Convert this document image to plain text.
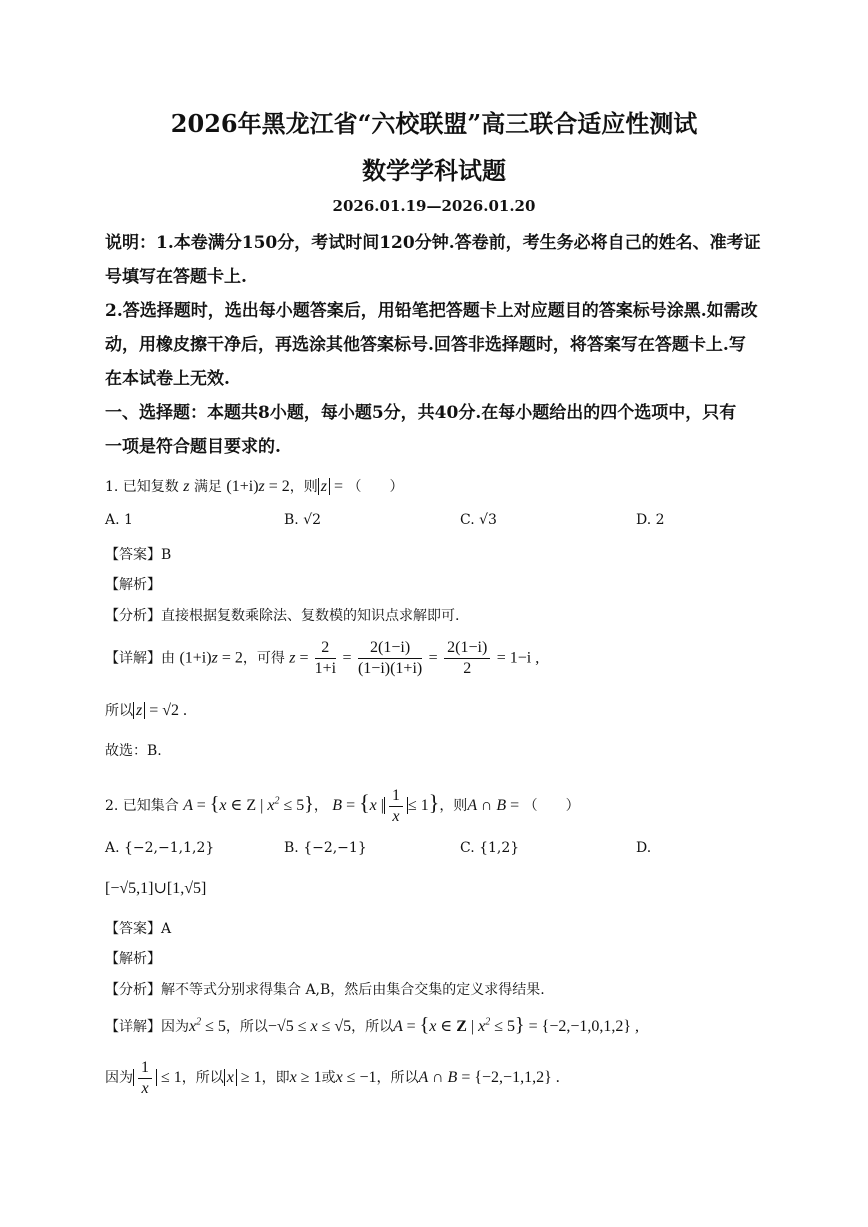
2026年黑龙江省“六校联盟”高三联合适应性测试
数学学科试题
2026.01.19—2026.01.20
说明：1.本卷满分150分，考试时间120分钟.答卷前，考生务必将自己的姓名、准考证
号填写在答题卡上.
2.答选择题时，选出每小题答案后，用铅笔把答题卡上对应题目的答案标号涂黑.如需改
动，用橡皮擦干净后，再选涂其他答案标号.回答非选择题时，将答案写在答题卡上.写
在本试卷上无效.
一、选择题：本题共8小题，每小题5分，共40分.在每小题给出的四个选项中，只有
一项是符合题目要求的.
1. 已知复数 z 满足 (1+i)z = 2，则 z = （　　）
A. 1	B. √2	C. √3	D. 2
【答案】B
【解析】
【分析】直接根据复数乘除法、复数模的知识点求解即可.
【详解】由 (1+i)z = 2，可得 $z = \frac{2}{1+i} = \frac{2(1-i)}{(1-i)(1+i)} = \frac{2(1-i)}{2} = 1-i$ ,
所以 z = √2 .
故选：B.
2. 已知集合 A = {x ∈ Z | $x^2 \le 5$}， B = {x | $\frac{1}{x} \le 1$}，则A ∩ B = （　　）
A. {−2,−1,1,2}	B. {−2,−1}	C. {1,2}	D.
[−√5,1]∪[1,√5]
【答案】A
【解析】
【分析】解不等式分别求得集合 A,B，然后由集合交集的定义求得结果.
【详解】因为$x^2 \le 5$，所以−√5 ≤ x ≤ √5，所以A = {x ∈ Z | $x^2 \le 5\} = \{-2,-1,0,1,2\}$ ,
因为 $\frac{1}{x} \le 1$，所以 x ≥ 1，即x ≥ 1或x ≤ −1，所以A ∩ B = {−2,−1,1,2} .
